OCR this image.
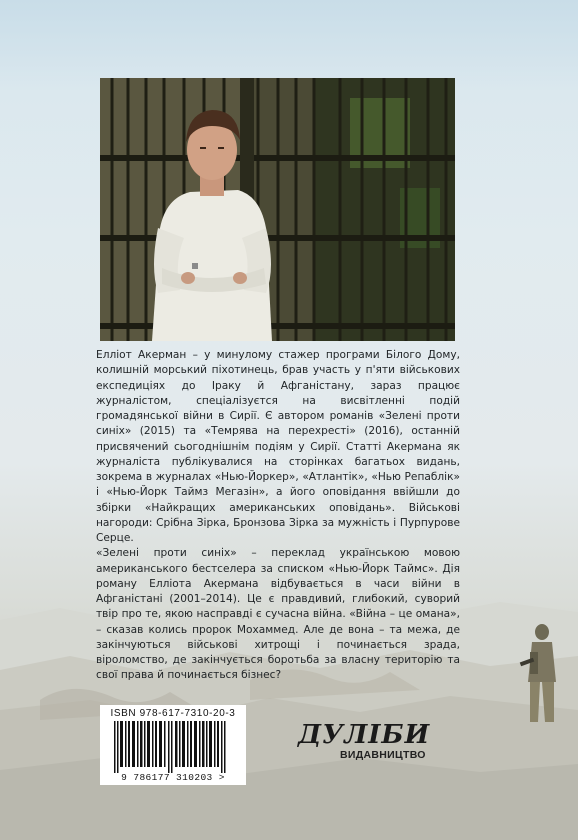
Елліот Акерман – у минулому стажер програми Білого Дому, колишній морський піхотинець, брав участь у п'яти військових експедиціях до Іраку й Афганістану, зараз працює журналістом, спеціалізуєтся на висвітленні подій громадянської війни в Сирії. Є автором романів «Зелені проти синіх» (2015) та «Темрява на перехресті» (2016), останній присвячений сьогоднішнім подіям у Сирії. Статті Акермана як журналіста публікувалися на сторінках багатьох видань, зокрема в журналах «Нью-Йоркер», «Атлантік», «Нью Репаблік» і «Нью-Йорк Таймз Мегазін», а його оповідання ввійшли до збірки «Найкращих американських оповідань». Військові нагороди: Срібна Зірка, Бронзова Зірка за мужність і Пурпурове Серце.

«Зелені проти синіх» – переклад українською мовою американського бестселера за списком «Нью-Йорк Таймс». Дія роману Елліота Акермана відбувається в часи війни в Афганістані (2001–2014). Це є правдивий, глибокий, суворий твір про те, якою насправді є сучасна війна. «Війна – це омана», – сказав колись пророк Мохаммед. Але де вона – та межа, де закінчуються військові хитрощі і починається зрада, віроломство, де закінчується боротьба за власну територію та свої права й починається бізнес?

ISBN 978-617-7310-20-3
9 786177 310203 >
ДУЛІБИ
ВИДАВНИЦТВО
